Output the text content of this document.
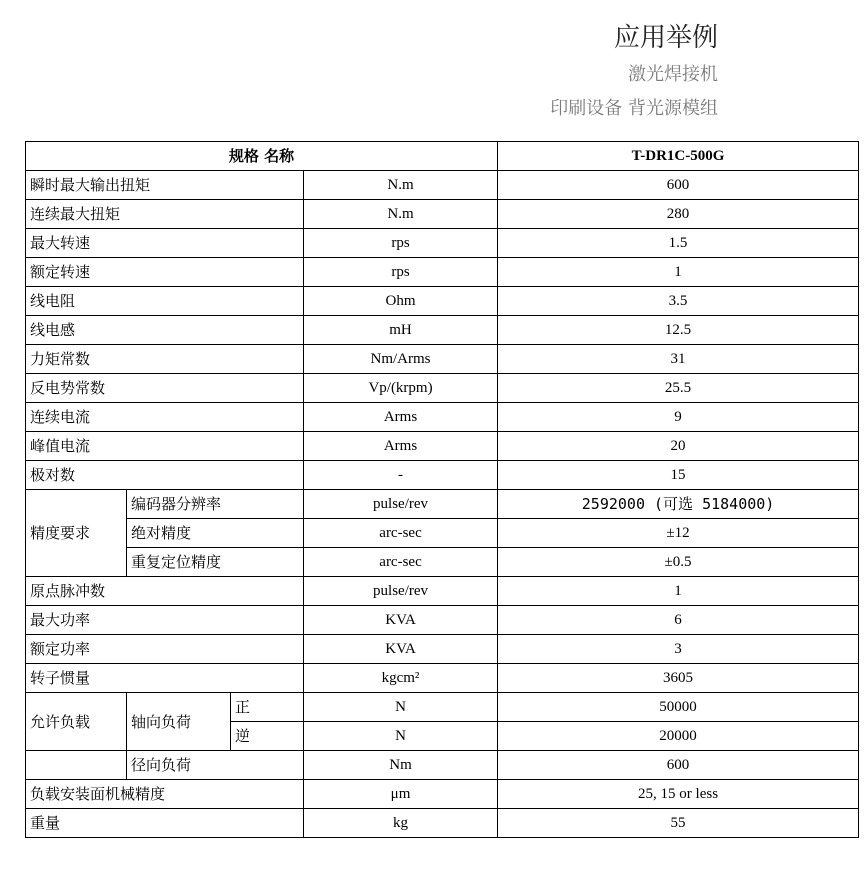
应用举例
激光焊接机
印刷设备 背光源模组
规格 名称				T-DR1C-500G
瞬时最大输出扭矩			N.m	600
连续最大扭矩			N.m	280
最大转速			rps	1.5
额定转速			rps	1
线电阻			Ohm	3.5
线电感			mH	12.5
力矩常数			Nm/Arms	31
反电势常数			Vp/(krpm)	25.5
连续电流			Arms	9
峰值电流			Arms	20
极对数			-	15
精度要求	编码器分辨率		pulse/rev	2592000 (可选 5184000)
	绝对精度		arc-sec	±12
	重复定位精度		arc-sec	±0.5
原点脉冲数			pulse/rev	1
最大功率			KVA	6
额定功率			KVA	3
转子惯量			kgcm²	3605
允许负载	轴向负荷	正	N	50000
		逆	N	20000
	径向负荷		Nm	600
负载安装面机械精度			μm	25, 15 or less
重量			kg	55
